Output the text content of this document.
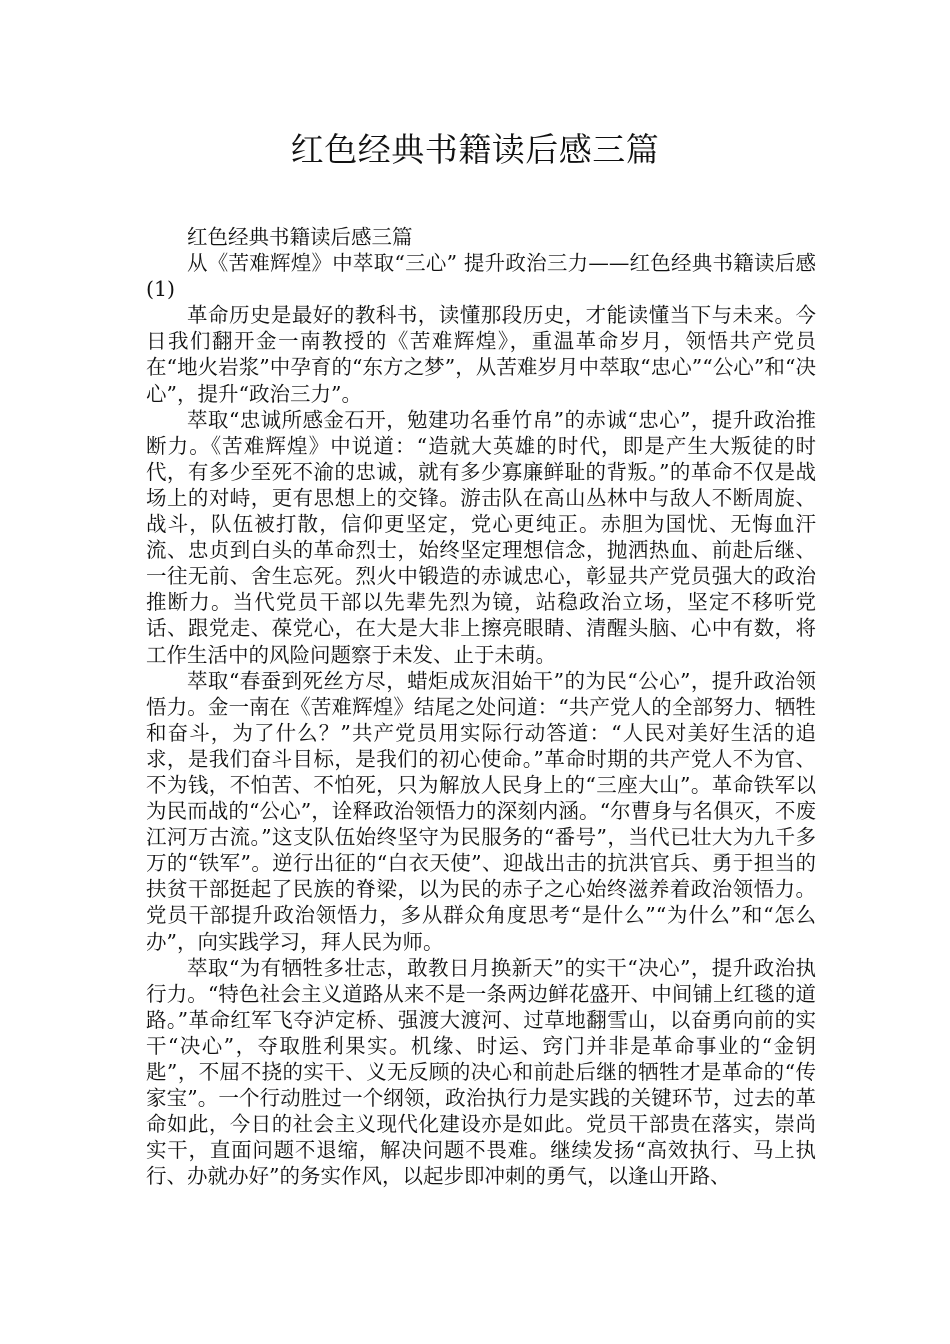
红色经典书籍读后感三篇

红色经典书籍读后感三篇

从《苦难辉煌》中萃取“三心” 提升政治三力——红色经典书籍读后感(1)

革命历史是最好的教科书，读懂那段历史，才能读懂当下与未来。今日我们翻开金一南教授的《苦难辉煌》，重温革命岁月，领悟共产党员在“地火岩浆”中孕育的“东方之梦”，从苦难岁月中萃取“忠心”“公心”和“决心”，提升“政治三力”。

萃取“忠诚所感金石开，勉建功名垂竹帛”的赤诚“忠心”，提升政治推断力。《苦难辉煌》中说道：“造就大英雄的时代，即是产生大叛徒的时代，有多少至死不渝的忠诚，就有多少寡廉鲜耻的背叛。”的革命不仅是战场上的对峙，更有思想上的交锋。游击队在高山丛林中与敌人不断周旋、战斗，队伍被打散，信仰更坚定，党心更纯正。赤胆为国忧、无悔血汗流、忠贞到白头的革命烈士，始终坚定理想信念，抛洒热血、前赴后继、一往无前、舍生忘死。烈火中锻造的赤诚忠心，彰显共产党员强大的政治推断力。当代党员干部以先辈先烈为镜，站稳政治立场，坚定不移听党话、跟党走、葆党心，在大是大非上擦亮眼睛、清醒头脑、心中有数，将工作生活中的风险问题察于未发、止于未萌。

萃取“春蚕到死丝方尽，蜡炬成灰泪始干”的为民“公心”，提升政治领悟力。金一南在《苦难辉煌》结尾之处问道：“共产党人的全部努力、牺牲和奋斗，为了什么？”共产党员用实际行动答道：“人民对美好生活的追求，是我们奋斗目标，是我们的初心使命。”革命时期的共产党人不为官、不为钱，不怕苦、不怕死，只为解放人民身上的“三座大山”。革命铁军以为民而战的“公心”，诠释政治领悟力的深刻内涵。“尔曹身与名俱灭，不废江河万古流。”这支队伍始终坚守为民服务的“番号”，当代已壮大为九千多万的“铁军”。逆行出征的“白衣天使”、迎战出击的抗洪官兵、勇于担当的扶贫干部挺起了民族的脊梁，以为民的赤子之心始终滋养着政治领悟力。党员干部提升政治领悟力，多从群众角度思考“是什么”“为什么”和“怎么办”，向实践学习，拜人民为师。

萃取“为有牺牲多壮志，敢教日月换新天”的实干“决心”，提升政治执行力。“特色社会主义道路从来不是一条两边鲜花盛开、中间铺上红毯的道路。”革命红军飞夺泸定桥、强渡大渡河、过草地翻雪山，以奋勇向前的实干“决心”，夺取胜利果实。机缘、时运、窍门并非是革命事业的“金钥匙”，不屈不挠的实干、义无反顾的决心和前赴后继的牺牲才是革命的“传家宝”。一个行动胜过一个纲领，政治执行力是实践的关键环节，过去的革命如此，今日的社会主义现代化建设亦是如此。党员干部贵在落实，崇尚实干，直面问题不退缩，解决问题不畏难。继续发扬“高效执行、马上执行、办就办好”的务实作风，以起步即冲刺的勇气，以逢山开路、
